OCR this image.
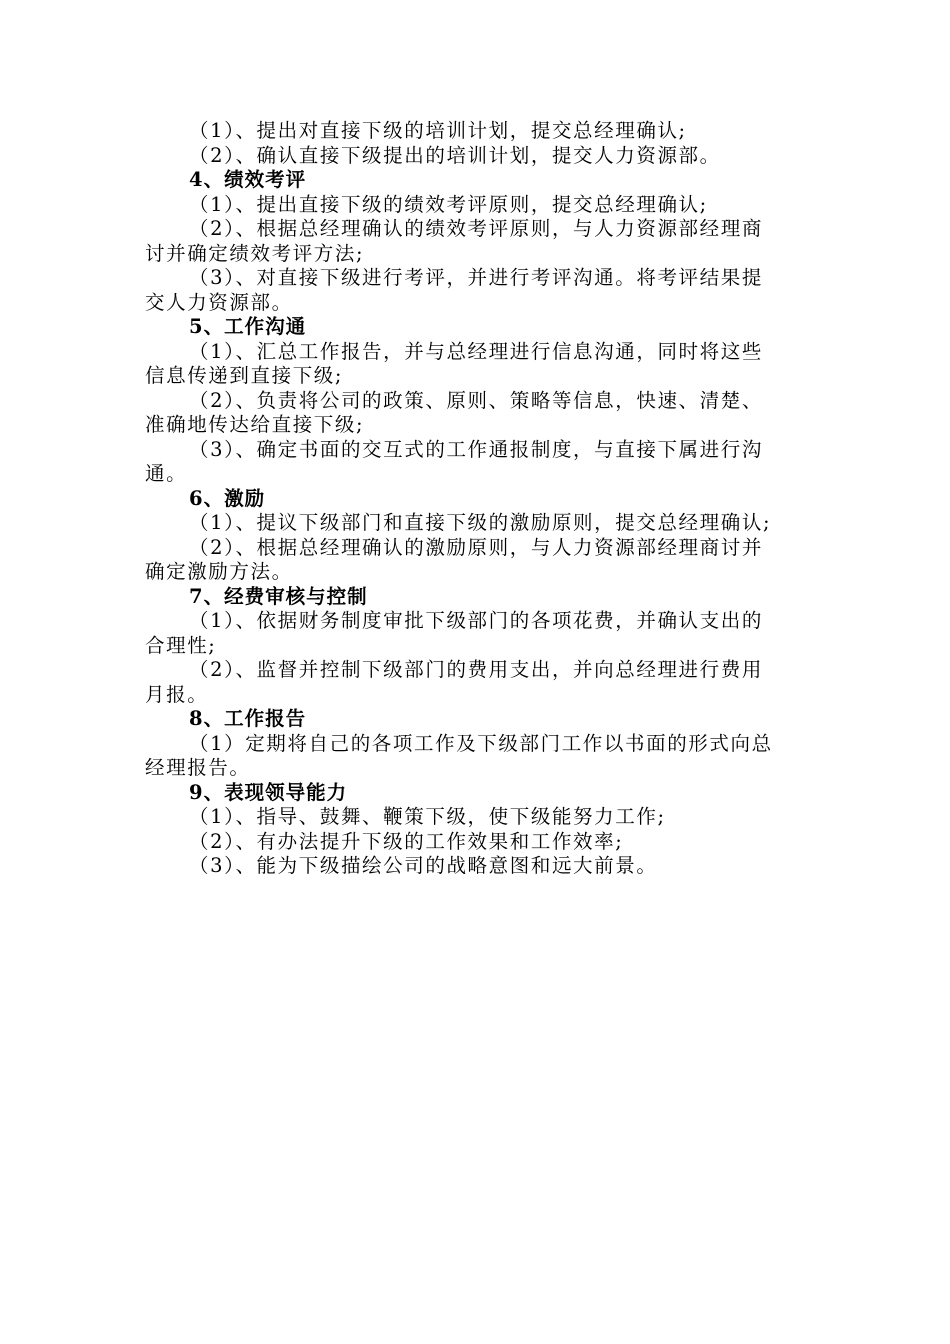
（1）、提出对直接下级的培训计划，提交总经理确认;
（2）、确认直接下级提出的培训计划，提交人力资源部。
4、绩效考评
（1）、提出直接下级的绩效考评原则，提交总经理确认;
（2）、根据总经理确认的绩效考评原则，与人力资源部经理商
讨并确定绩效考评方法;
（3）、对直接下级进行考评，并进行考评沟通。将考评结果提
交人力资源部。
5、工作沟通
（1）、汇总工作报告，并与总经理进行信息沟通，同时将这些
信息传递到直接下级;
（2）、负责将公司的政策、原则、策略等信息，快速、清楚、
准确地传达给直接下级;
（3）、确定书面的交互式的工作通报制度，与直接下属进行沟
通。
6、激励
（1）、提议下级部门和直接下级的激励原则，提交总经理确认;
（2）、根据总经理确认的激励原则，与人力资源部经理商讨并
确定激励方法。
7、经费审核与控制
（1）、依据财务制度审批下级部门的各项花费，并确认支出的
合理性;
（2）、监督并控制下级部门的费用支出，并向总经理进行费用
月报。
8、工作报告
（1）定期将自己的各项工作及下级部门工作以书面的形式向总
经理报告。
9、表现领导能力
（1）、指导、鼓舞、鞭策下级，使下级能努力工作;
（2）、有办法提升下级的工作效果和工作效率;
（3）、能为下级描绘公司的战略意图和远大前景。
